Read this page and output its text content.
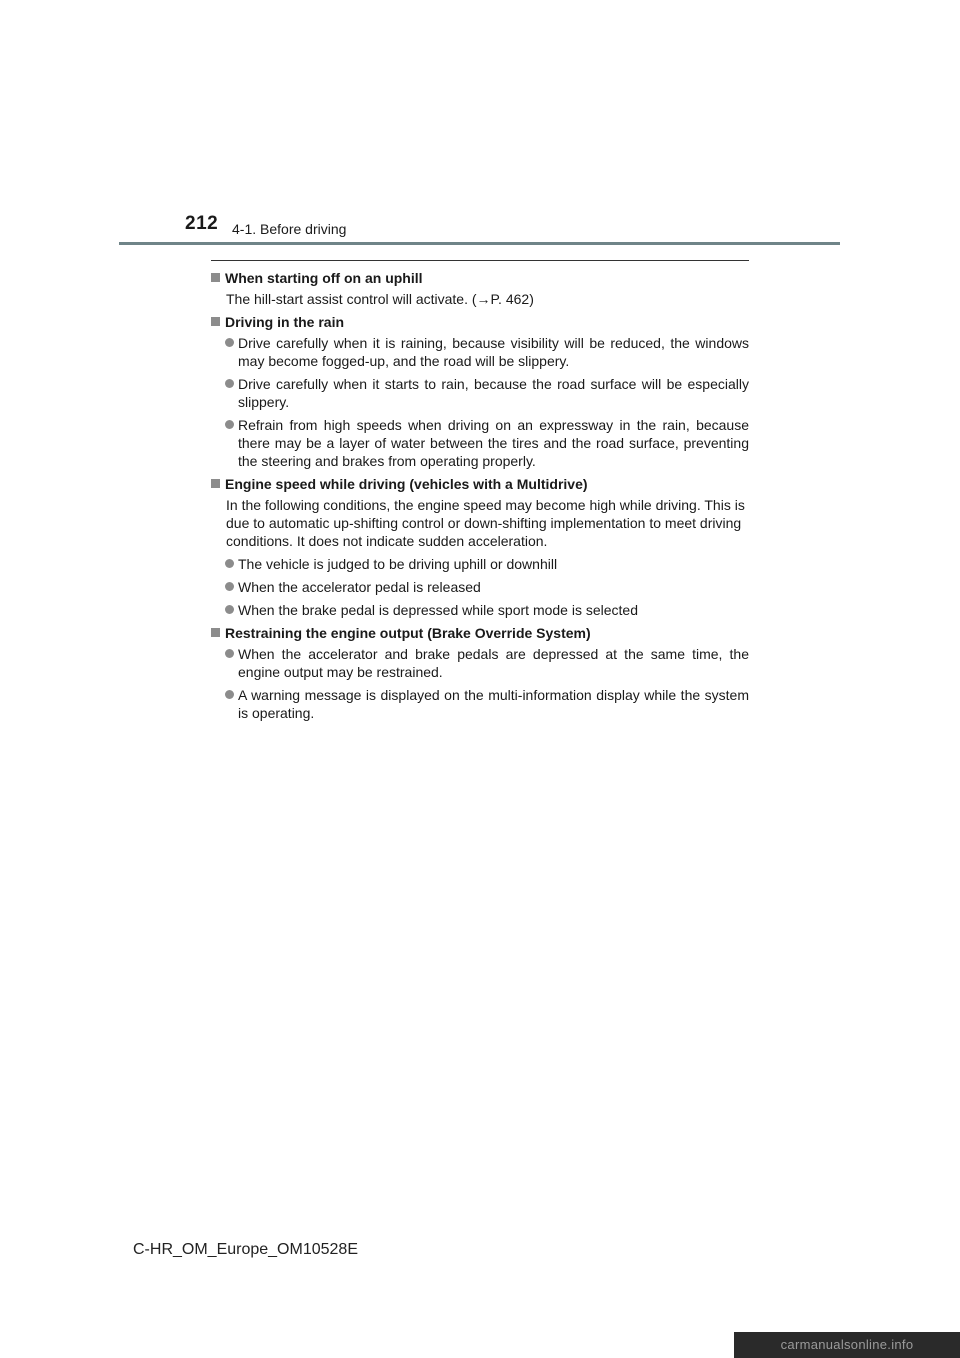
212 4-1. Before driving
When starting off on an uphill
The hill-start assist control will activate. (→P. 462)
Driving in the rain
Drive carefully when it is raining, because visibility will be reduced, the windows may become fogged-up, and the road will be slippery.
Drive carefully when it starts to rain, because the road surface will be especially slippery.
Refrain from high speeds when driving on an expressway in the rain, because there may be a layer of water between the tires and the road surface, preventing the steering and brakes from operating properly.
Engine speed while driving (vehicles with a Multidrive)
In the following conditions, the engine speed may become high while driving. This is due to automatic up-shifting control or down-shifting implementation to meet driving conditions. It does not indicate sudden acceleration.
The vehicle is judged to be driving uphill or downhill
When the accelerator pedal is released
When the brake pedal is depressed while sport mode is selected
Restraining the engine output (Brake Override System)
When the accelerator and brake pedals are depressed at the same time, the engine output may be restrained.
A warning message is displayed on the multi-information display while the system is operating.
C-HR_OM_Europe_OM10528E
carmanualsonline.info
